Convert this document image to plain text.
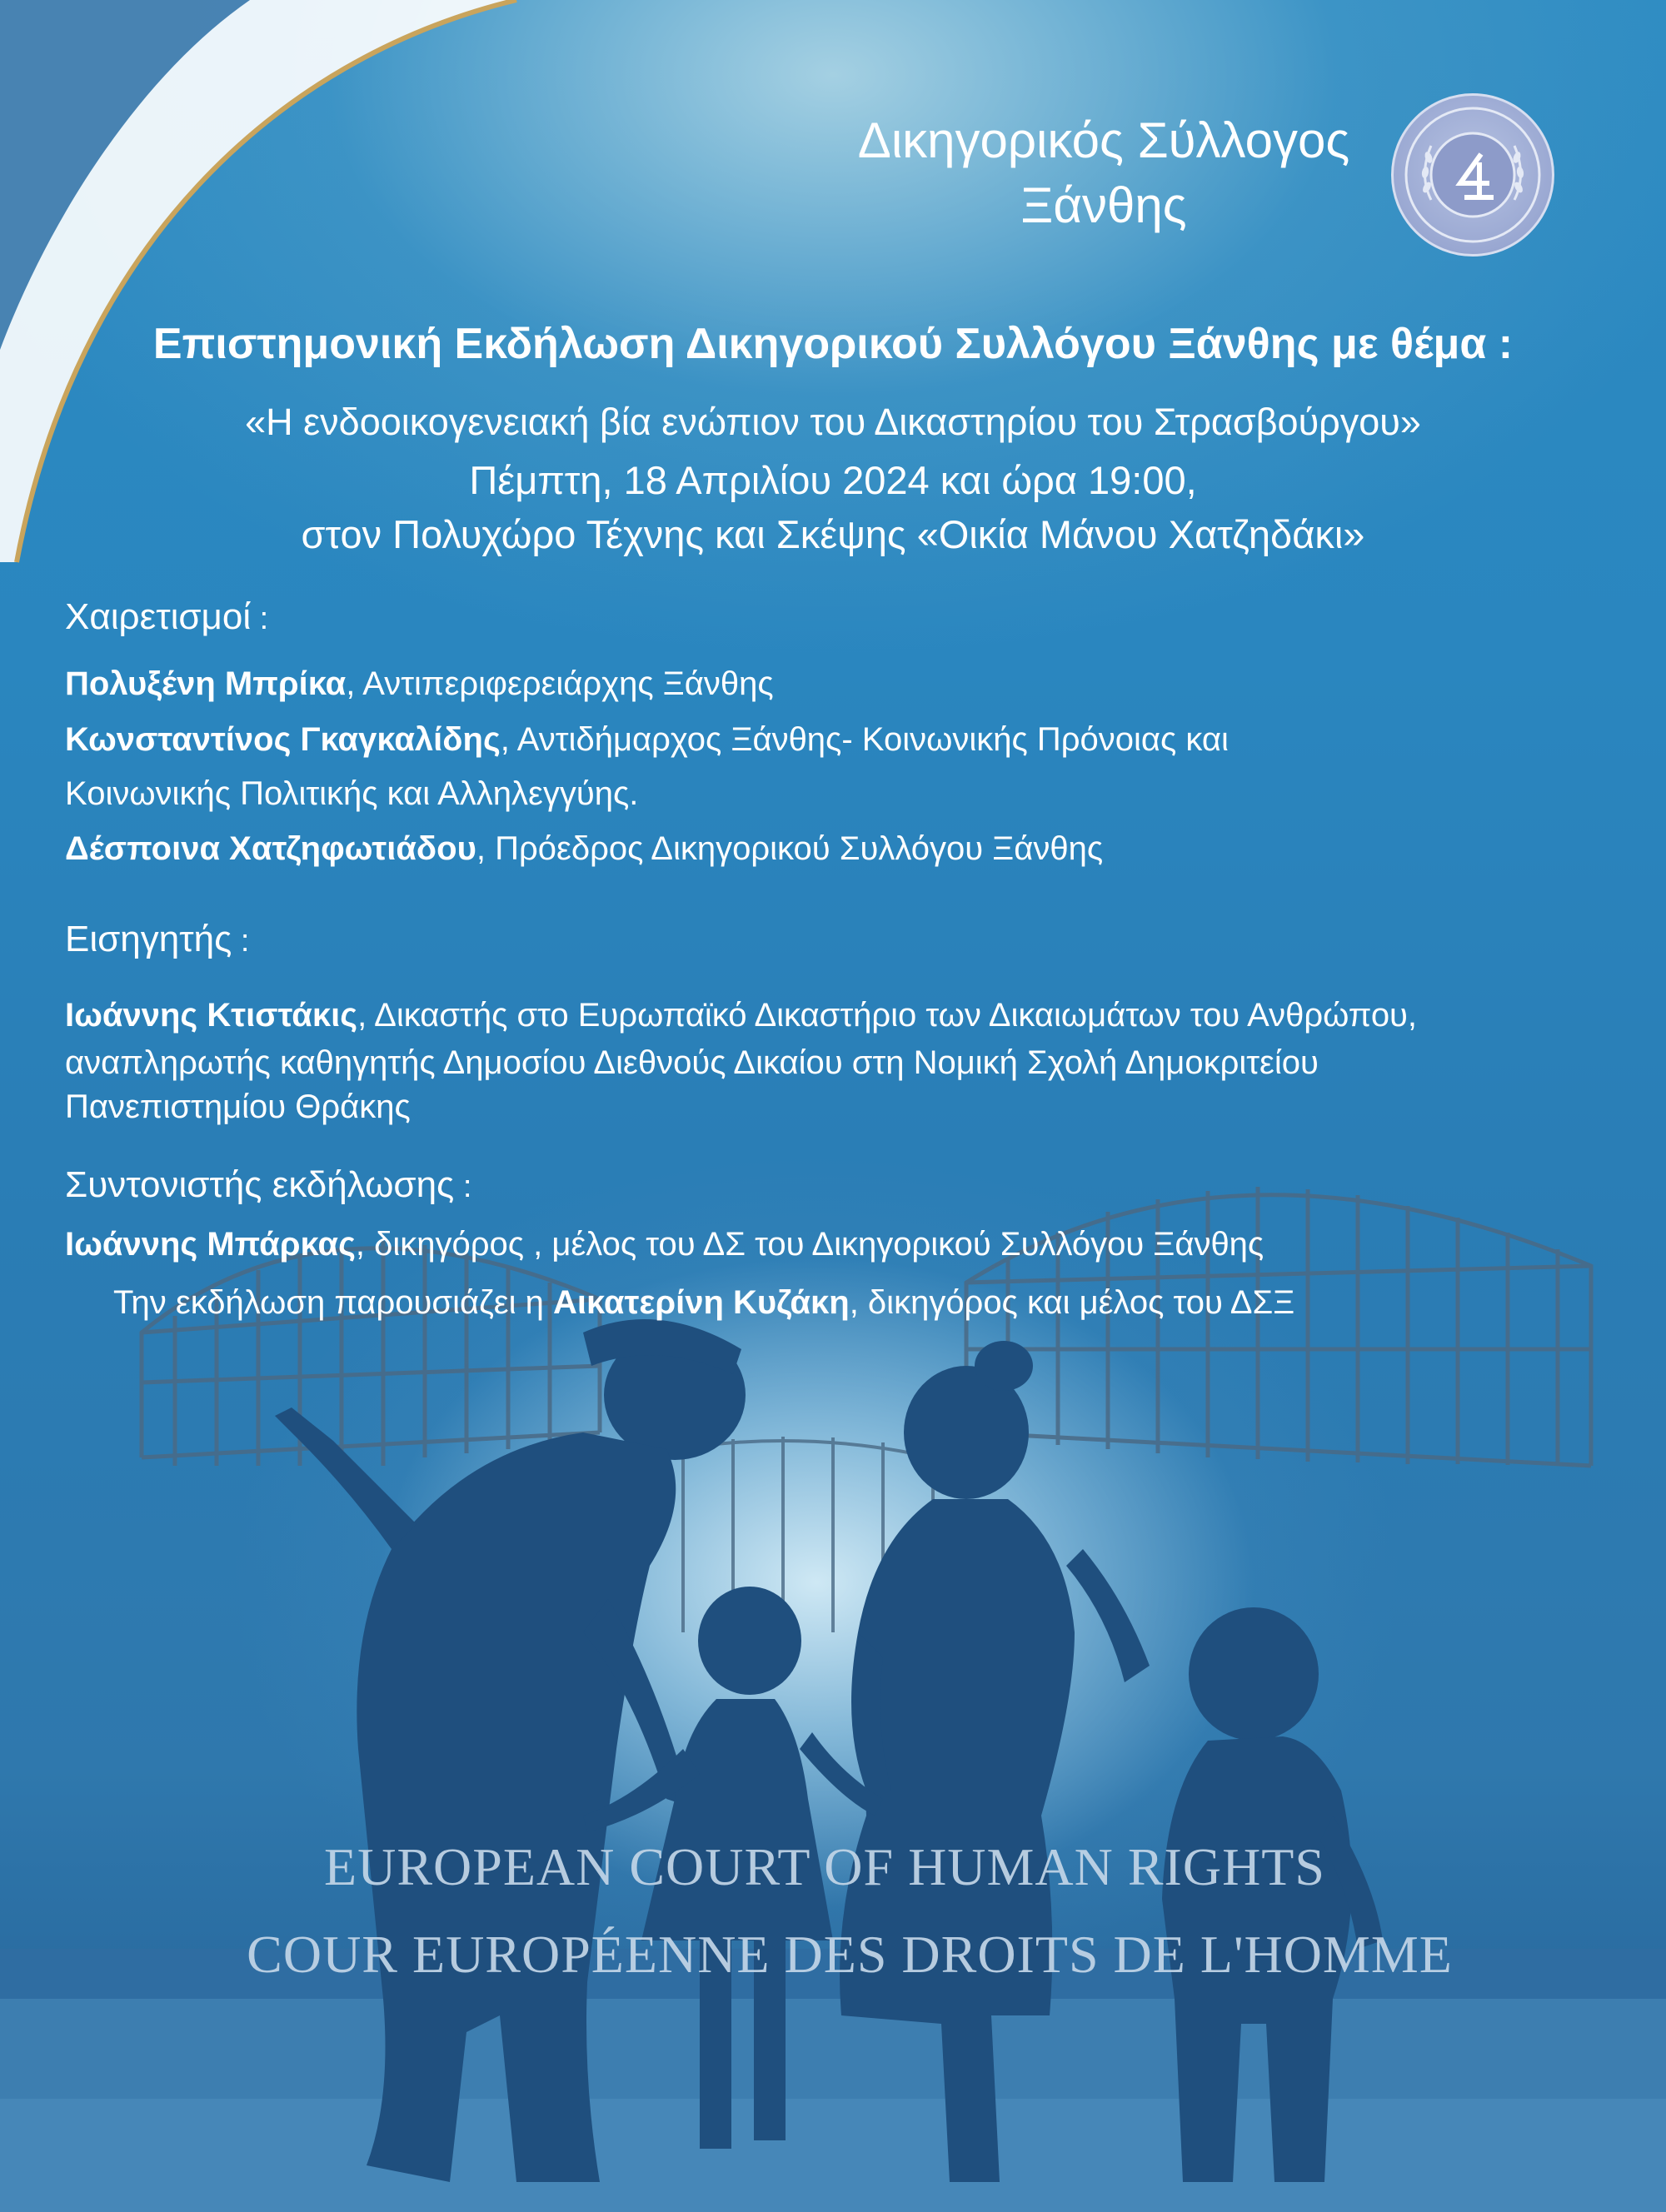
Δικηγορικός Σύλλογος
Ξάνθης
Επιστημονική Εκδήλωση Δικηγορικού Συλλόγου Ξάνθης με θέμα :
«Η ενδοοικογενειακή βία ενώπιον του Δικαστηρίου του Στρασβούργου»
Πέμπτη, 18 Απριλίου 2024 και ώρα 19:00,
στον Πολυχώρο Τέχνης και Σκέψης «Οικία Μάνου Χατζηδάκι»
Χαιρετισμοί :
Πολυξένη Μπρίκα, Αντιπεριφερειάρχης Ξάνθης
Κωνσταντίνος Γκαγκαλίδης, Αντιδήμαρχος Ξάνθης- Κοινωνικής Πρόνοιας και
Κοινωνικής Πολιτικής και Αλληλεγγύης.
Δέσποινα Χατζηφωτιάδου, Πρόεδρος Δικηγορικού Συλλόγου Ξάνθης
Εισηγητής :
Ιωάννης Κτιστάκις, Δικαστής στο Ευρωπαϊκό Δικαστήριο των Δικαιωμάτων του Ανθρώπου,
αναπληρωτής καθηγητής Δημοσίου Διεθνούς Δικαίου στη Νομική Σχολή Δημοκριτείου
Πανεπιστημίου Θράκης
Συντονιστής εκδήλωσης :
Ιωάννης Μπάρκας, δικηγόρος , μέλος του ΔΣ του Δικηγορικού Συλλόγου Ξάνθης
Την εκδήλωση παρουσιάζει η Αικατερίνη Κυζάκη, δικηγόρος και μέλος του ΔΣΞ
EUROPEAN COURT OF HUMAN RIGHTS
COUR EUROPÉENNE DES DROITS DE L'HOMME
